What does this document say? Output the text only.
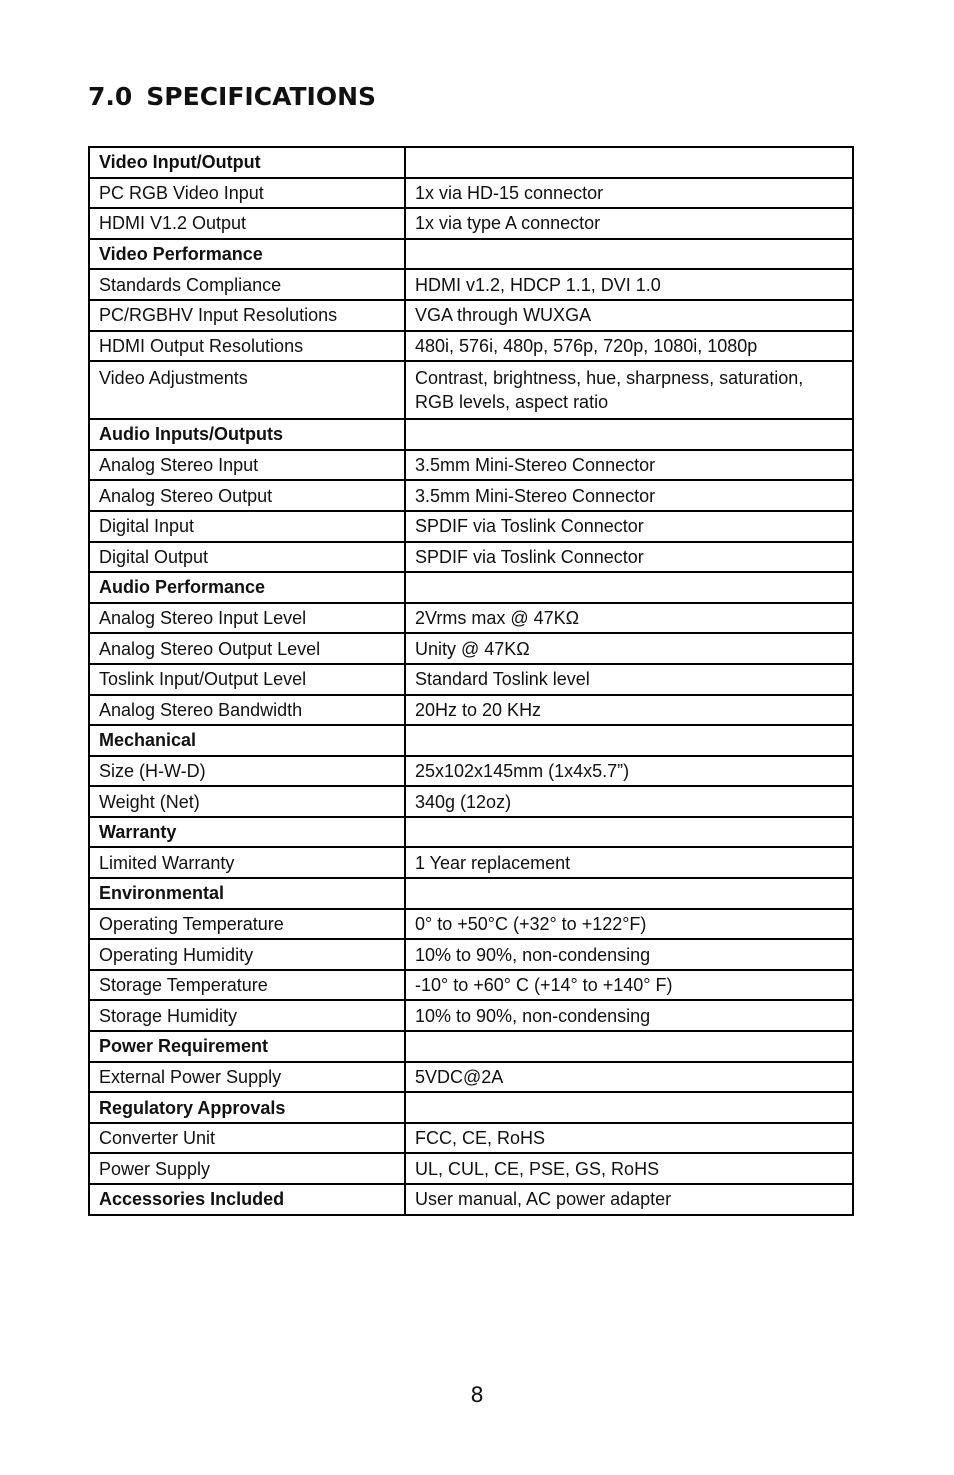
7.0 SPECIFICATIONS
Video Input/Output	
PC RGB Video Input	1x via HD-15 connector
HDMI V1.2 Output	1x via type A connector
Video Performance	
Standards Compliance	HDMI v1.2, HDCP 1.1, DVI 1.0
PC/RGBHV Input Resolutions	VGA through WUXGA
HDMI Output Resolutions	480i, 576i, 480p, 576p, 720p, 1080i, 1080p
Video Adjustments	Contrast, brightness, hue, sharpness, saturation, RGB levels, aspect ratio
Audio Inputs/Outputs	
Analog Stereo Input	3.5mm Mini-Stereo Connector
Analog Stereo Output	3.5mm Mini-Stereo Connector
Digital Input	SPDIF via Toslink Connector
Digital Output	SPDIF via Toslink Connector
Audio Performance	
Analog Stereo Input Level	2Vrms max @ 47KΩ
Analog Stereo Output Level	Unity @ 47KΩ
Toslink Input/Output Level	Standard Toslink level
Analog Stereo Bandwidth	20Hz to 20 KHz
Mechanical	
Size (H-W-D)	25x102x145mm (1x4x5.7”)
Weight (Net)	340g (12oz)
Warranty	
Limited Warranty	1 Year replacement
Environmental	
Operating Temperature	0° to +50°C (+32° to +122°F)
Operating Humidity	10% to 90%, non-condensing
Storage Temperature	-10° to +60° C (+14° to +140° F)
Storage Humidity	10% to 90%, non-condensing
Power Requirement	
External Power Supply	5VDC@2A
Regulatory Approvals	
Converter Unit	FCC, CE, RoHS
Power Supply	UL, CUL, CE, PSE, GS, RoHS
Accessories Included	User manual, AC power adapter
8
